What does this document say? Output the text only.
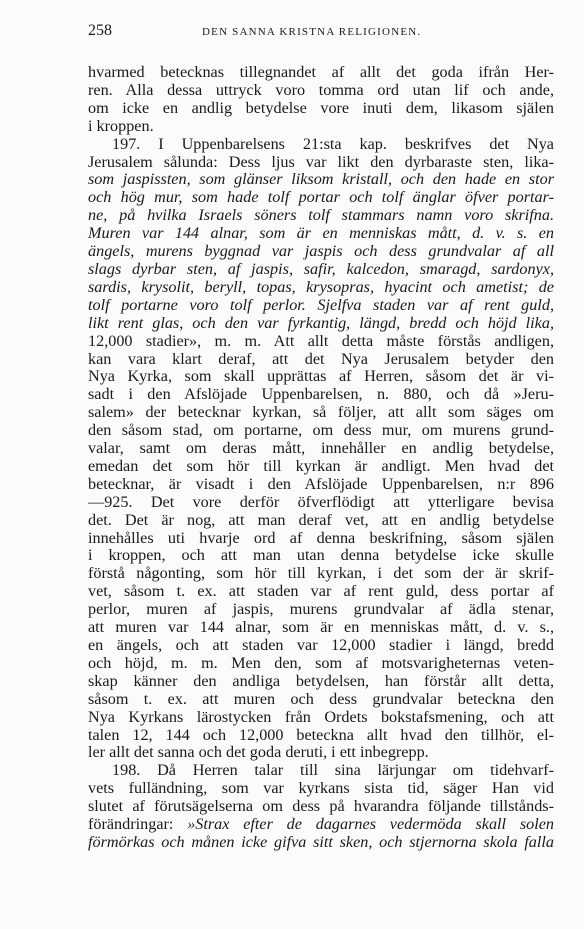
258	DEN SANNA KRISTNA RELIGIONEN.
hvarmed betecknas tillegnandet af allt det goda ifrån Her-
ren. Alla dessa uttryck voro tomma ord utan lif och ande,
om icke en andlig betydelse vore inuti dem, likasom själen
i kroppen.
197. I Uppenbarelsens 21:sta kap. beskrifves det Nya
Jerusalem sålunda: Dess ljus var likt den dyrbaraste sten, lika-
som jaspissten, som glänser liksom kristall, och den hade en stor
och hög mur, som hade tolf portar och tolf änglar öfver portar-
ne, på hvilka Israels söners tolf stammars namn voro skrifna.
Muren var 144 alnar, som är en menniskas mått, d. v. s. en
ängels, murens byggnad var jaspis och dess grundvalar af all
slags dyrbar sten, af jaspis, safir, kalcedon, smaragd, sardonyx,
sardis, krysolit, beryll, topas, krysopras, hyacint och ametist; de
tolf portarne voro tolf perlor. Sjelfva staden var af rent guld,
likt rent glas, och den var fyrkantig, längd, bredd och höjd lika,
12,000 stadier», m. m. Att allt detta måste förstås andligen,
kan vara klart deraf, att det Nya Jerusalem betyder den
Nya Kyrka, som skall upprättas af Herren, såsom det är vi-
sadt i den Afslöjade Uppenbarelsen, n. 880, och då »Jeru-
salem» der betecknar kyrkan, så följer, att allt som säges om
den såsom stad, om portarne, om dess mur, om murens grund-
valar, samt om deras mått, innehåller en andlig betydelse,
emedan det som hör till kyrkan är andligt. Men hvad det
betecknar, är visadt i den Afslöjade Uppenbarelsen, n:r 896
—925. Det vore derför öfverflödigt att ytterligare bevisa
det. Det är nog, att man deraf vet, att en andlig betydelse
innehålles uti hvarje ord af denna beskrifning, såsom själen
i kroppen, och att man utan denna betydelse icke skulle
förstå någonting, som hör till kyrkan, i det som der är skrif-
vet, såsom t. ex. att staden var af rent guld, dess portar af
perlor, muren af jaspis, murens grundvalar af ädla stenar,
att muren var 144 alnar, som är en menniskas mått, d. v. s.,
en ängels, och att staden var 12,000 stadier i längd, bredd
och höjd, m. m. Men den, som af motsvarigheternas veten-
skap känner den andliga betydelsen, han förstår allt detta,
såsom t. ex. att muren och dess grundvalar betecknа den
Nya Kyrkans lärostycken från Ordets bokstafsmening, och att
talen 12, 144 och 12,000 beteckna allt hvad den tillhör, el-
ler allt det sanna och det goda deruti, i ett inbegrepp.
198. Då Herren talar till sina lärjungar om tidehvarf-
vets fulländning, som var kyrkans sista tid, säger Han vid
slutet af förutsägelserna om dess på hvarandra följande tillstånds-
förändringar: »Strax efter de dagarnes vedermöda skall solen
förmörkas och månen icke gifva sitt sken, och stjernorna skola falla
